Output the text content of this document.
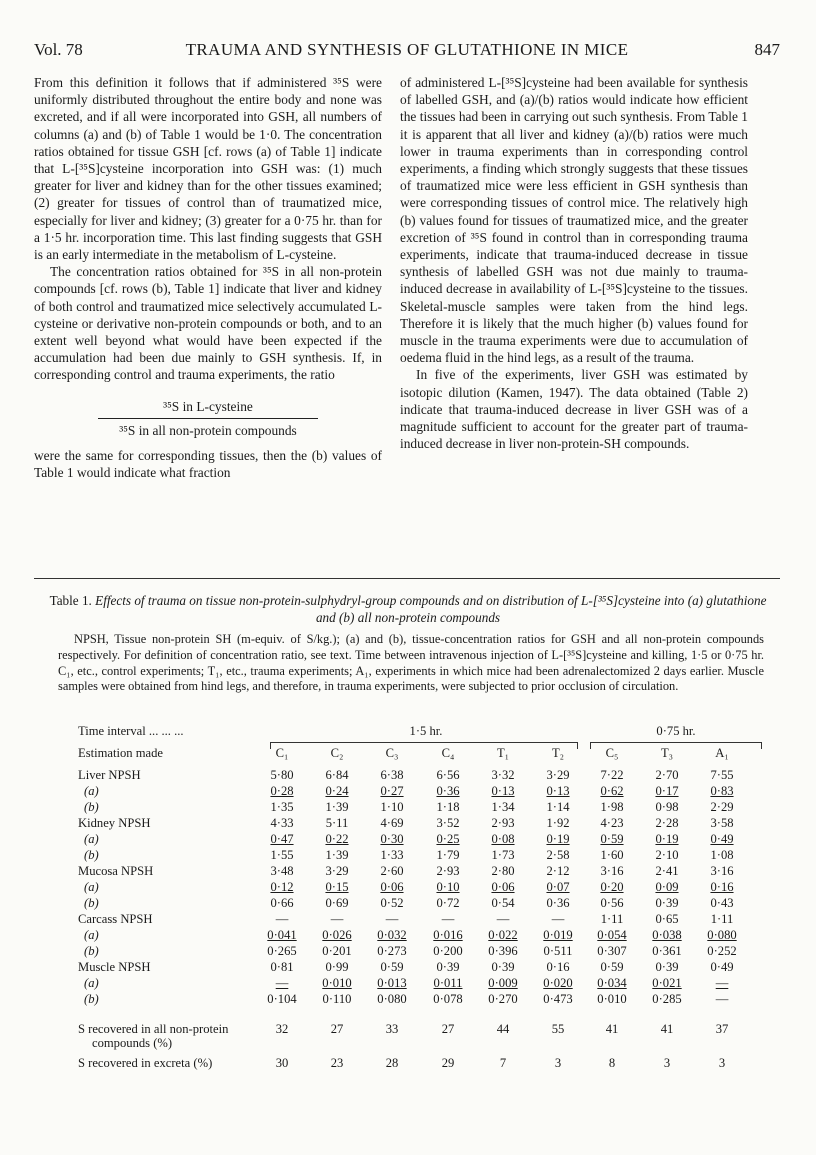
Vol. 78	TRAUMA AND SYNTHESIS OF GLUTATHIONE IN MICE	847

From this definition it follows that if administered ³⁵S were uniformly distributed throughout the entire body and none was excreted, and if all were incorporated into GSH, all numbers of columns (a) and (b) of Table 1 would be 1·0. The concentration ratios obtained for tissue GSH [cf. rows (a) of Table 1] indicate that L-[³⁵S]cysteine incorporation into GSH was: (1) much greater for liver and kidney than for the other tissues examined; (2) greater for tissues of control than of traumatized mice, especially for liver and kidney; (3) greater for a 0·75 hr. than for a 1·5 hr. incorporation time. This last finding suggests that GSH is an early intermediate in the metabolism of L-cysteine.

The concentration ratios obtained for ³⁵S in all non-protein compounds [cf. rows (b), Table 1] indicate that liver and kidney of both control and traumatized mice selectively accumulated L-cysteine or derivative non-protein compounds or both, and to an extent well beyond what would have been expected if the accumulation had been due mainly to GSH synthesis. If, in corresponding control and trauma experiments, the ratio

³⁵S in L-cysteine
³⁵S in all non-protein compounds

were the same for corresponding tissues, then the (b) values of Table 1 would indicate what fraction

of administered L-[³⁵S]cysteine had been available for synthesis of labelled GSH, and (a)/(b) ratios would indicate how efficient the tissues had been in carrying out such synthesis. From Table 1 it is apparent that all liver and kidney (a)/(b) ratios were much lower in trauma experiments than in corresponding control experiments, a finding which strongly suggests that these tissues of traumatized mice were less efficient in GSH synthesis than were corresponding tissues of control mice. The relatively high (b) values found for tissues of traumatized mice, and the greater excretion of ³⁵S found in control than in corresponding trauma experiments, indicate that trauma-induced decrease in tissue synthesis of labelled GSH was not due mainly to trauma-induced decrease in availability of L-[³⁵S]cysteine to the tissues. Skeletal-muscle samples were taken from the hind legs. Therefore it is likely that the much higher (b) values found for muscle in the trauma experiments were due to accumulation of oedema fluid in the hind legs, as a result of the trauma.

In five of the experiments, liver GSH was estimated by isotopic dilution (Kamen, 1947). The data obtained (Table 2) indicate that trauma-induced decrease in liver GSH was of a magnitude sufficient to account for the greater part of trauma-induced decrease in liver non-protein-SH compounds.

Table 1. Effects of trauma on tissue non-protein-sulphydryl-group compounds and on distribution of L-[³⁵S]cysteine into (a) glutathione and (b) all non-protein compounds

NPSH, Tissue non-protein SH (m-equiv. of S/kg.); (a) and (b), tissue-concentration ratios for GSH and all non-protein compounds respectively. For definition of concentration ratio, see text. Time between intravenous injection of L-[³⁵S]cysteine and killing, 1·5 or 0·75 hr. C₁, etc., control experiments; T₁, etc., trauma experiments; A₁, experiments in which mice had been adrenalectomized 2 days earlier. Muscle samples were obtained from hind legs, and therefore, in trauma experiments, were subjected to prior occlusion of circulation.

Time interval ... ... ...	1·5 hr.	0·75 hr.
Estimation made	C₁	C₂	C₃	C₄	T₁	T₂	C₅	T₃	A₁
Liver NPSH	5·80	6·84	6·38	6·56	3·32	3·29	7·22	2·70	7·55
(a)	0·28	0·24	0·27	0·36	0·13	0·13	0·62	0·17	0·83
(b)	1·35	1·39	1·10	1·18	1·34	1·14	1·98	0·98	2·29
Kidney NPSH	4·33	5·11	4·69	3·52	2·93	1·92	4·23	2·28	3·58
(a)	0·47	0·22	0·30	0·25	0·08	0·19	0·59	0·19	0·49
(b)	1·55	1·39	1·33	1·79	1·73	2·58	1·60	2·10	1·08
Mucosa NPSH	3·48	3·29	2·60	2·93	2·80	2·12	3·16	2·41	3·16
(a)	0·12	0·15	0·06	0·10	0·06	0·07	0·20	0·09	0·16
(b)	0·66	0·69	0·52	0·72	0·54	0·36	0·56	0·39	0·43
Carcass NPSH	—	—	—	—	—	—	1·11	0·65	1·11
(a)	0·041	0·026	0·032	0·016	0·022	0·019	0·054	0·038	0·080
(b)	0·265	0·201	0·273	0·200	0·396	0·511	0·307	0·361	0·252
Muscle NPSH	0·81	0·99	0·59	0·39	0·39	0·16	0·59	0·39	0·49
(a)	—	0·010	0·013	0·011	0·009	0·020	0·034	0·021	—
(b)	0·104	0·110	0·080	0·078	0·270	0·473	0·010	0·285	—
S recovered in all non-protein	32	27	33	27	44	55	41	41	37
compounds (%)
S recovered in excreta (%)	30	23	28	29	7	3	8	3	3
